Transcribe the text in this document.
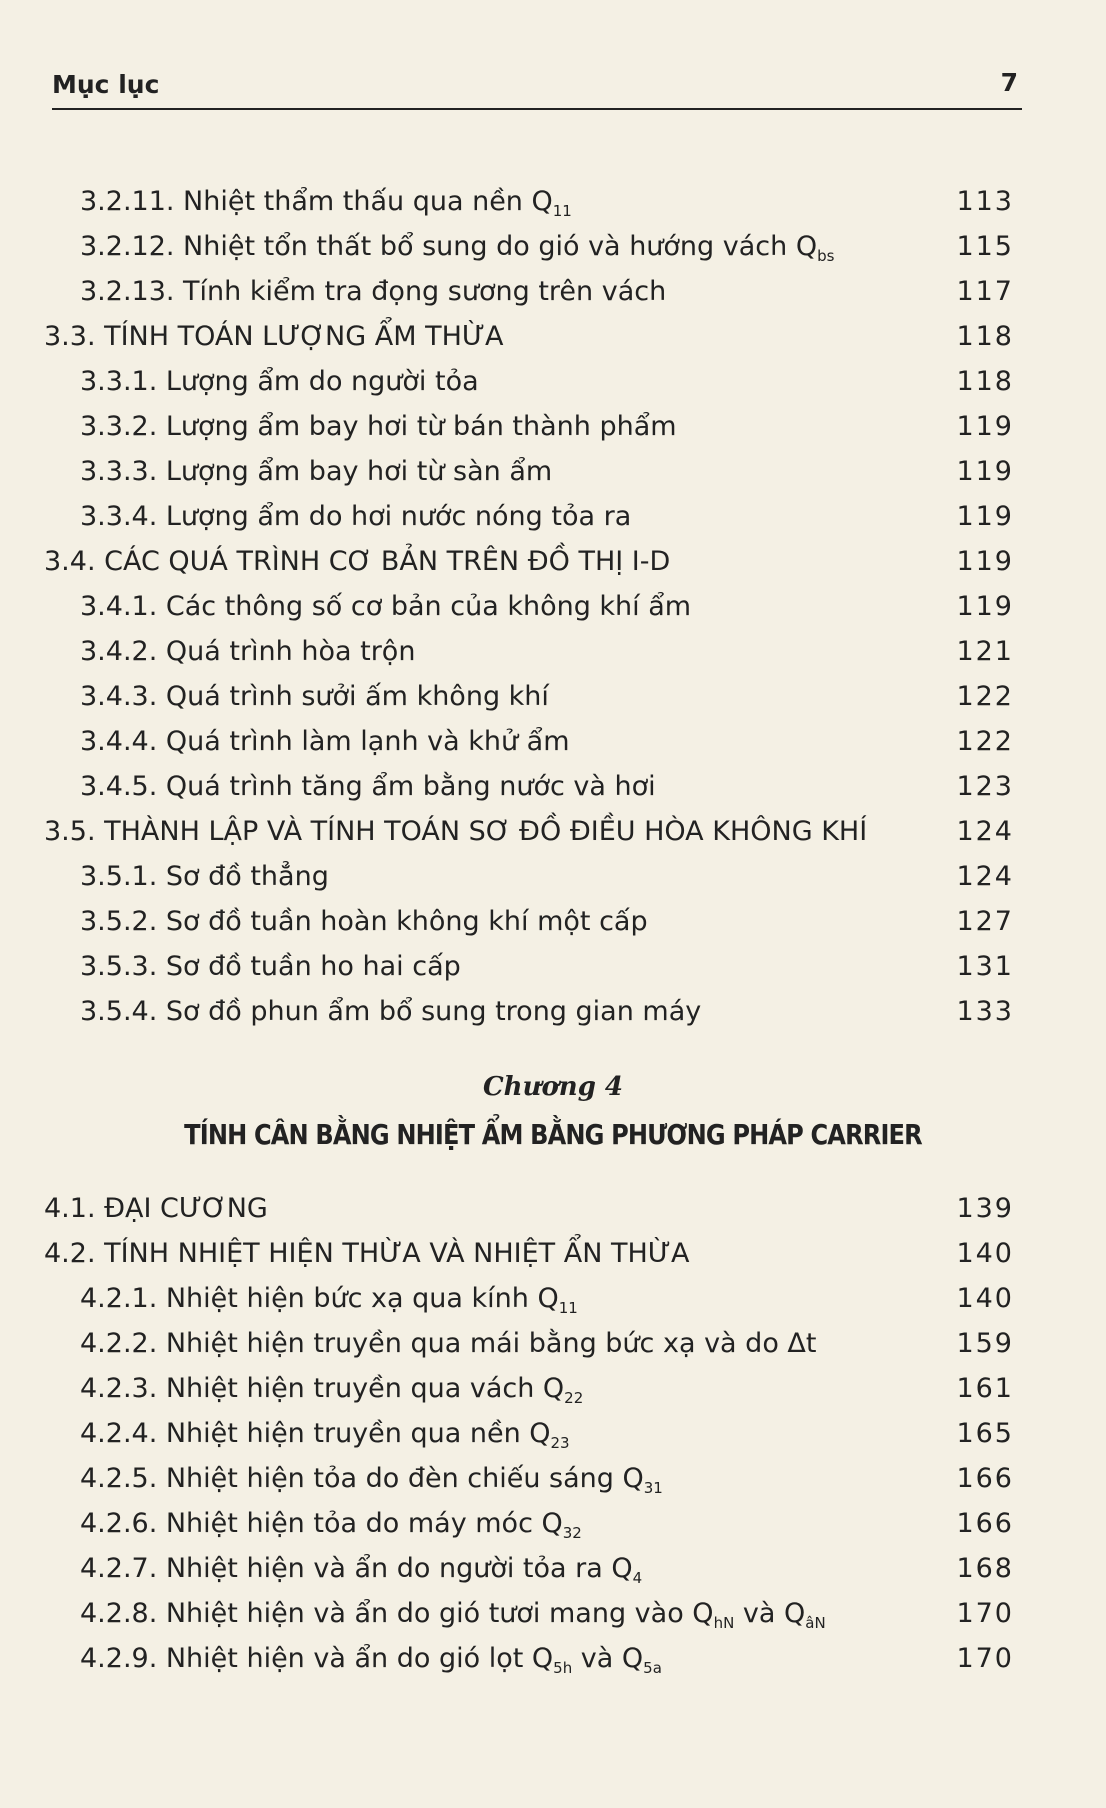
Mục lục	7
3.2.11. Nhiệt thẩm thấu qua nền $Q_{11}$	113
3.2.12. Nhiệt tổn thất bổ sung do gió và hướng vách $Q_{bs}$	115
3.2.13. Tính kiểm tra đọng sương trên vách	117
3.3. TÍNH TOÁN LƯỢNG ẨM THỪA	118
3.3.1. Lượng ẩm do người tỏa	118
3.3.2. Lượng ẩm bay hơi từ bán thành phẩm	119
3.3.3. Lượng ẩm bay hơi từ sàn ẩm	119
3.3.4. Lượng ẩm do hơi nước nóng tỏa ra	119
3.4. CÁC QUÁ TRÌNH CƠ BẢN TRÊN ĐỒ THỊ I-D	119
3.4.1. Các thông số cơ bản của không khí ẩm	119
3.4.2. Quá trình hòa trộn	121
3.4.3. Quá trình sưởi ấm không khí	122
3.4.4. Quá trình làm lạnh và khử ẩm	122
3.4.5. Quá trình tăng ẩm bằng nước và hơi	123
3.5. THÀNH LẬP VÀ TÍNH TOÁN SƠ ĐỒ ĐIỀU HÒA KHÔNG KHÍ	124
3.5.1. Sơ đồ thẳng	124
3.5.2. Sơ đồ tuần hoàn không khí một cấp	127
3.5.3. Sơ đồ tuần ho hai cấp	131
3.5.4. Sơ đồ phun ẩm bổ sung trong gian máy	133
Chương 4
TÍNH CÂN BẰNG NHIỆT ẨM BẰNG PHƯƠNG PHÁP CARRIER
4.1. ĐẠI CƯƠNG	139
4.2. TÍNH NHIỆT HIỆN THỪA VÀ NHIỆT ẨN THỪA	140
4.2.1. Nhiệt hiện bức xạ qua kính $Q_{11}$	140
4.2.2. Nhiệt hiện truyền qua mái bằng bức xạ và do Δt	159
4.2.3. Nhiệt hiện truyền qua vách $Q_{22}$	161
4.2.4. Nhiệt hiện truyền qua nền $Q_{23}$	165
4.2.5. Nhiệt hiện tỏa do đèn chiếu sáng $Q_{31}$	166
4.2.6. Nhiệt hiện tỏa do máy móc $Q_{32}$	166
4.2.7. Nhiệt hiện và ẩn do người tỏa ra $Q_4$	168
4.2.8. Nhiệt hiện và ẩn do gió tươi mang vào $Q_{hN}$ và $Q_{âN}$	170
4.2.9. Nhiệt hiện và ẩn do gió lọt $Q_{5h}$ và $Q_{5a}$	170
